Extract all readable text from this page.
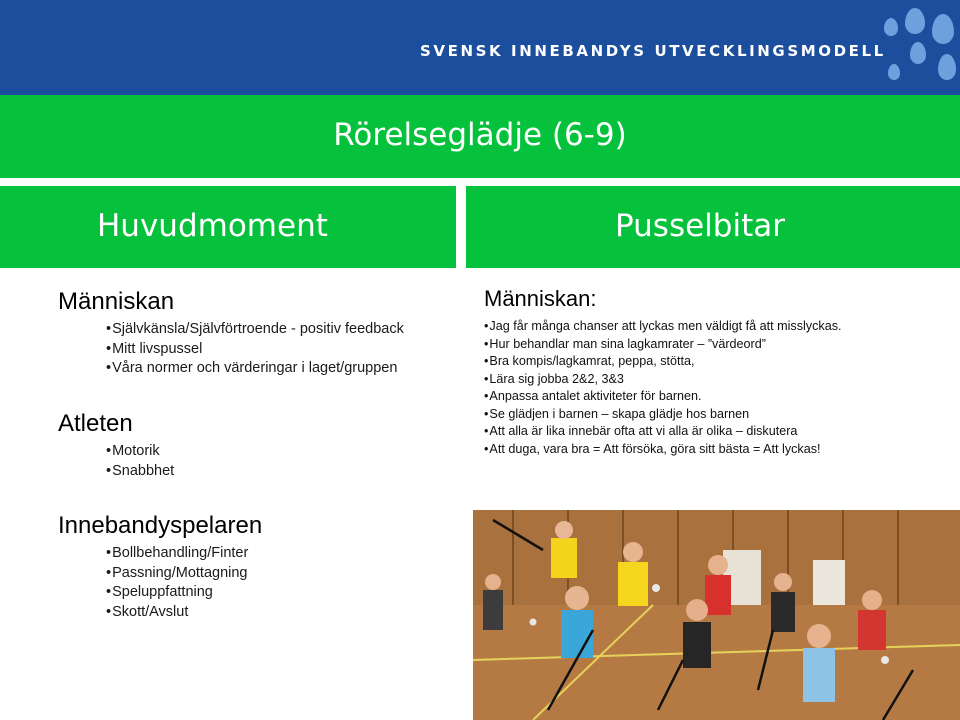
SVENSK INNEBANDYS UTVECKLINGSMODELL
Rörelseglädje (6-9)
Huvudmoment	Pusselbitar
Människan
• Självkänsla/Självförtroende - positiv feedback
• Mitt livspussel
• Våra normer och värderingar i laget/gruppen
Atleten
• Motorik
• Snabbhet
Innebandyspelaren
• Bollbehandling/Finter
• Passning/Mottagning
• Speluppfattning
• Skott/Avslut
Människan:
• Jag får många chanser att lyckas men väldigt få att misslyckas.
• Hur behandlar man sina lagkamrater – ”värdeord”
• Bra kompis/lagkamrat, peppa, stötta,
• Lära sig jobba 2&2, 3&3
• Anpassa antalet aktiviteter för barnen.
• Se glädjen i barnen – skapa glädje hos barnen
• Att alla är lika innebär ofta att vi alla är olika – diskutera
• Att duga, vara bra = Att försöka, göra sitt bästa = Att lyckas!
